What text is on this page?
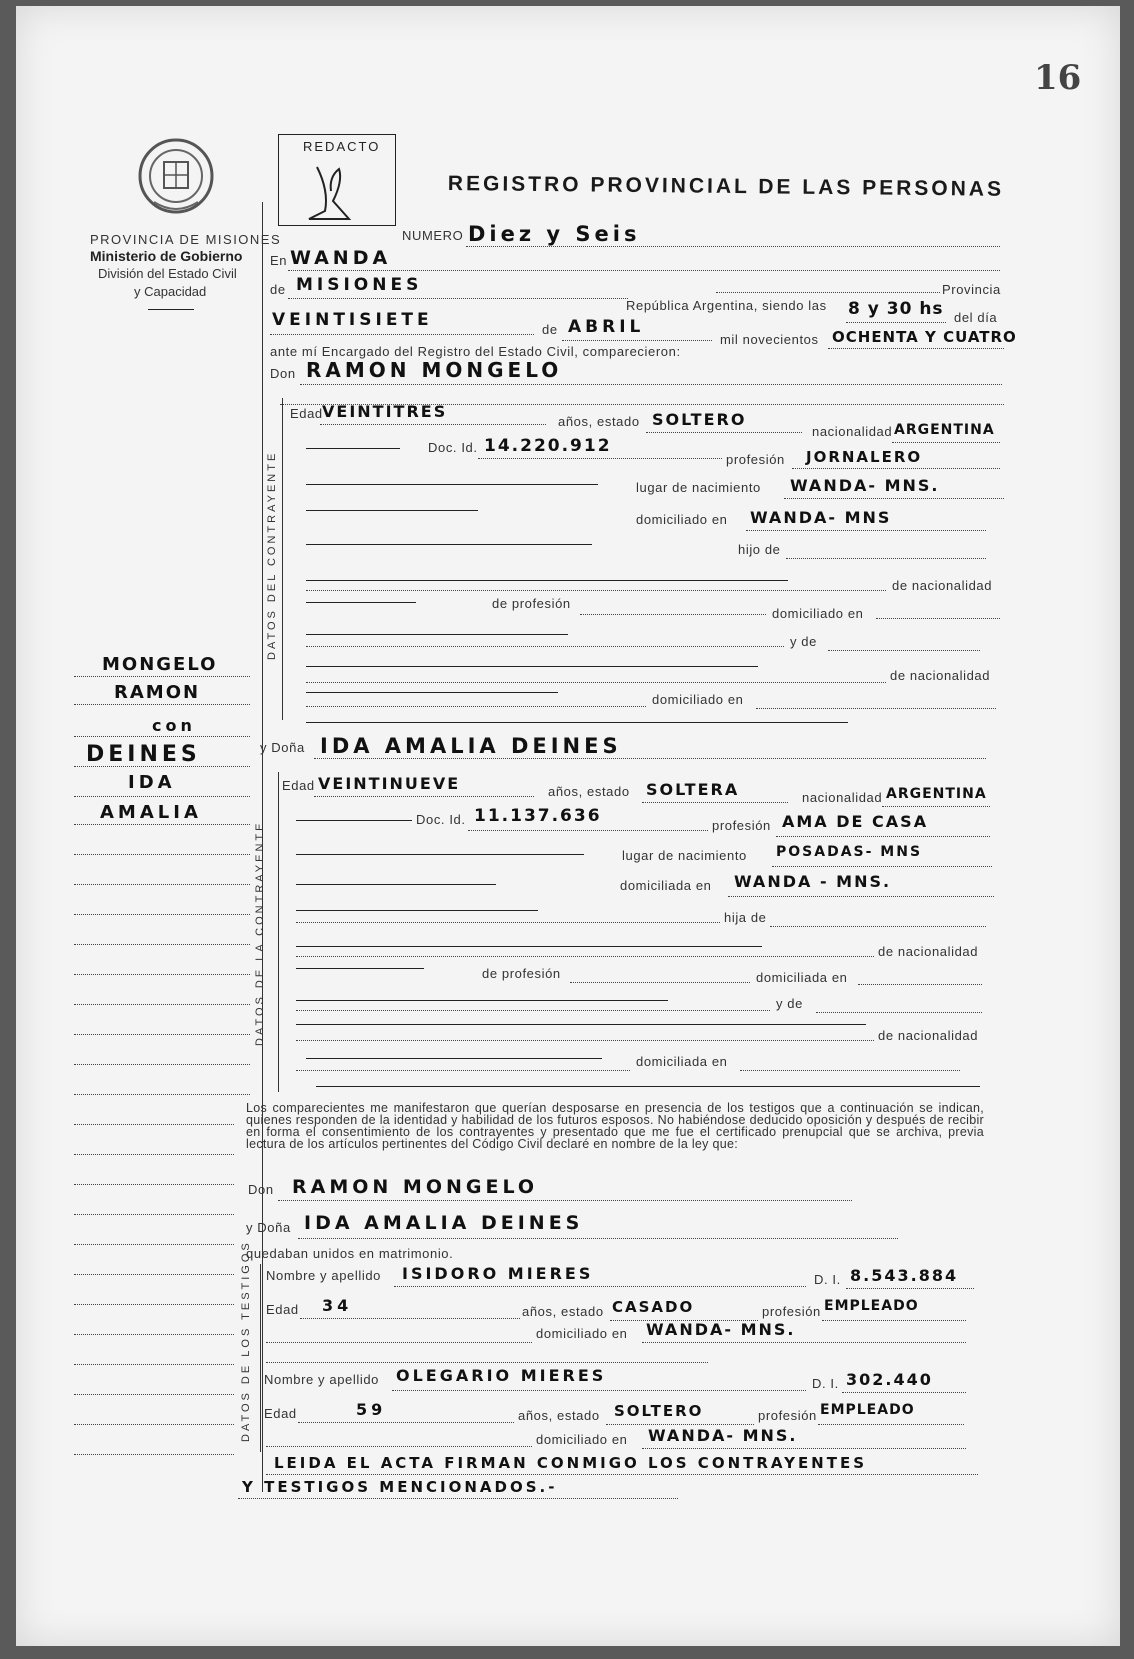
16
PROVINCIA DE MISIONES
Ministerio de Gobierno
División del Estado Civil
y Capacidad
REDACTO
REGISTRO PROVINCIAL DE LAS PERSONAS
NUMERO Diez y Seis
En WANDA
de MISIONES	Provincia
República Argentina, siendo las 8 y 30 hs del día
VEINTISIETE	de ABRIL
mil novecientos OCHENTA Y CUATRO
ante mí Encargado del Registro del Estado Civil, comparecieron:
Don RAMON MONGELO
DATOS DEL CONTRAYENTE
Edad VEINTITRES
años, estado SOLTERO
nacionalidad ARGENTINA
Doc. Id. 14.220.912
profesión JORNALERO
lugar de nacimiento WANDA- MNS.
domiciliado en WANDA- MNS
hijo de
de nacionalidad
de profesión
domiciliado en
y de
de nacionalidad
domiciliado en
MONGELO
RAMON
con
DEINES
IDA
AMALIA
y Doña IDA AMALIA DEINES
DATOS DE LA CONTRAYENTE
Edad VEINTINUEVE	años, estado SOLTERA	nacionalidad ARGENTINA
Doc. Id. 11.137.636	profesión AMA DE CASA
lugar de nacimiento POSADAS- MNS
domiciliada en WANDA - MNS.
hija de
de nacionalidad
de profesión	domiciliada en
y de
de nacionalidad
domiciliada en
Los comparecientes me manifestaron que querían desposarse en presencia de los testigos que a continuación se indican, quienes responden de la identidad y habilidad de los futuros esposos. No habiéndose deducido oposición y después de recibir en forma el consentimiento de los contrayentes y presentado que me fue el certificado prenupcial que se archiva, previa lectura de los artículos pertinentes del Código Civil declaré en nombre de la ley que:
Don RAMON MONGELO
y Doña IDA AMALIA DEINES
quedaban unidos en matrimonio.
DATOS DE LOS TESTIGOS Nombre y apellido ISIDORO MIERES	D. I. 8.543.884
Edad 34	años, estado CASADO	profesión EMPLEADO
domiciliado en WANDA- MNS.
Nombre y apellido OLEGARIO MIERES	D. I. 302.440
Edad	59	años, estado SOLTERO	profesión EMPLEADO
domiciliado en WANDA- MNS.
LEIDA EL ACTA FIRMAN CONMIGO LOS CONTRAYENTES
Y TESTIGOS MENCIONADOS.-
